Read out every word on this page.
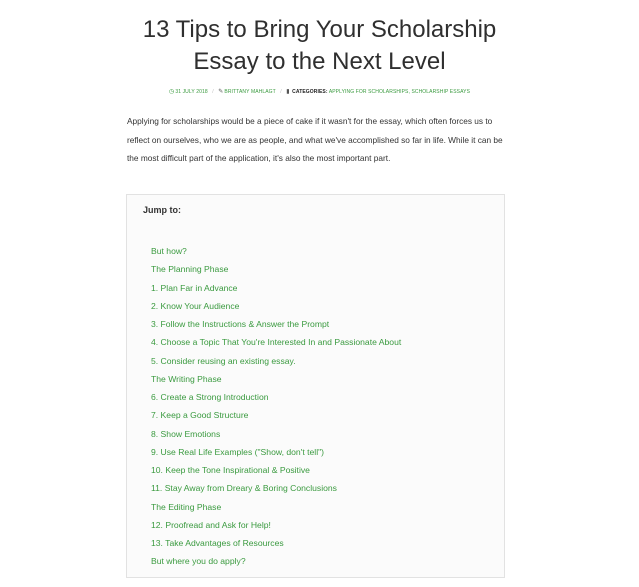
13 Tips to Bring Your Scholarship
Essay to the Next Level
◷31 JULY 2018 / ✎BRITTANY MAHLAGT / ▮ CATEGORIES: APPLYING FOR SCHOLARSHIPS, SCHOLARSHIP ESSAYS

Applying for scholarships would be a piece of cake if it wasn't for the essay, which often forces us to reflect on ourselves, who we are as people, and what we've accomplished so far in life. While it can be the most difficult part of the application, it's also the most important part.

Jump to:

But how?
The Planning Phase
1. Plan Far in Advance
2. Know Your Audience
3. Follow the Instructions & Answer the Prompt
4. Choose a Topic That You're Interested In and Passionate About
5. Consider reusing an existing essay.
The Writing Phase
6. Create a Strong Introduction
7. Keep a Good Structure
8. Show Emotions
9. Use Real Life Examples ("Show, don't tell")
10. Keep the Tone Inspirational & Positive
11. Stay Away from Dreary & Boring Conclusions
The Editing Phase
12. Proofread and Ask for Help!
13. Take Advantages of Resources
But where you do apply?
